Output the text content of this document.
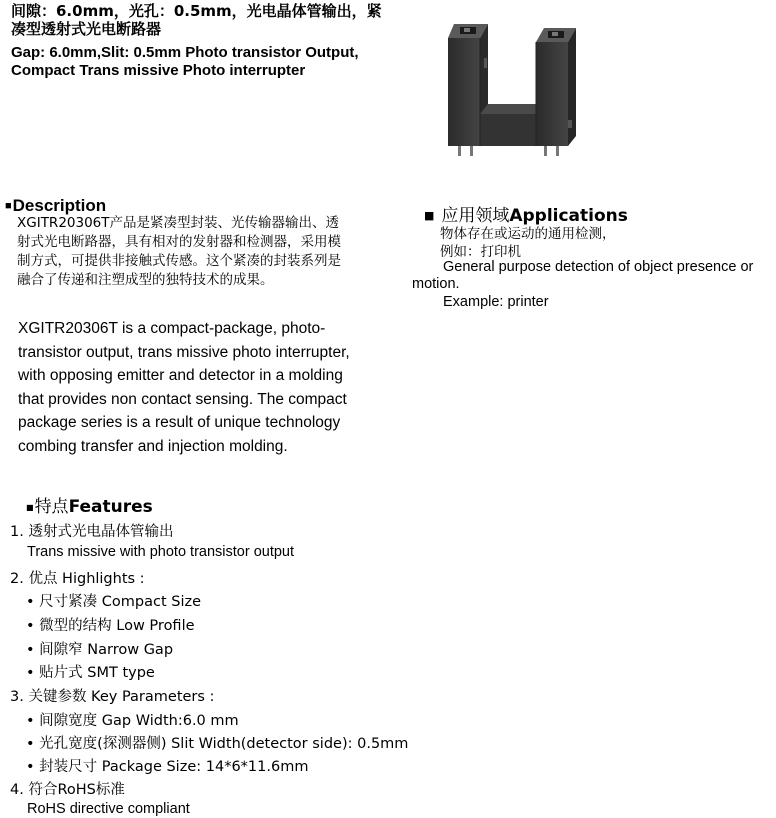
间隙：6.0mm，光孔：0.5mm，光电晶体管输出，紧
凑型透射式光电断路器
Gap: 6.0mm,Slit: 0.5mm Photo transistor Output,
Compact Trans missive Photo interrupter
■Description
XGITR20306T产品是紧凑型封装、光传输器输出、透
射式光电断路器，具有相对的发射器和检测器，采用模
制方式，可提供非接触式传感。这个紧凑的封装系列是
融合了传递和注塑成型的独特技术的成果。
XGITR20306T is a compact-package, photo-
transistor output, trans missive photo interrupter,
with opposing emitter and detector in a molding
that provides non contact sensing. The compact
package series is a result of unique technology
combing transfer and injection molding.
■ 应用领域Applications
物体存在或运动的通用检测，
例如：打印机
General purpose detection of object presence or
motion.
Example: printer
■特点Features
1. 透射式光电晶体管输出
Trans missive with photo transistor output
2. 优点 Highlights :
• 尺寸紧凑 Compact Size
• 微型的结构 Low Profile
• 间隙窄 Narrow Gap
• 贴片式 SMT type
3. 关键参数 Key Parameters :
• 间隙宽度 Gap Width:6.0 mm
• 光孔宽度(探测器侧) Slit Width(detector side): 0.5mm
• 封装尺寸 Package Size: 14*6*11.6mm
4. 符合RoHS标准
RoHS directive compliant
